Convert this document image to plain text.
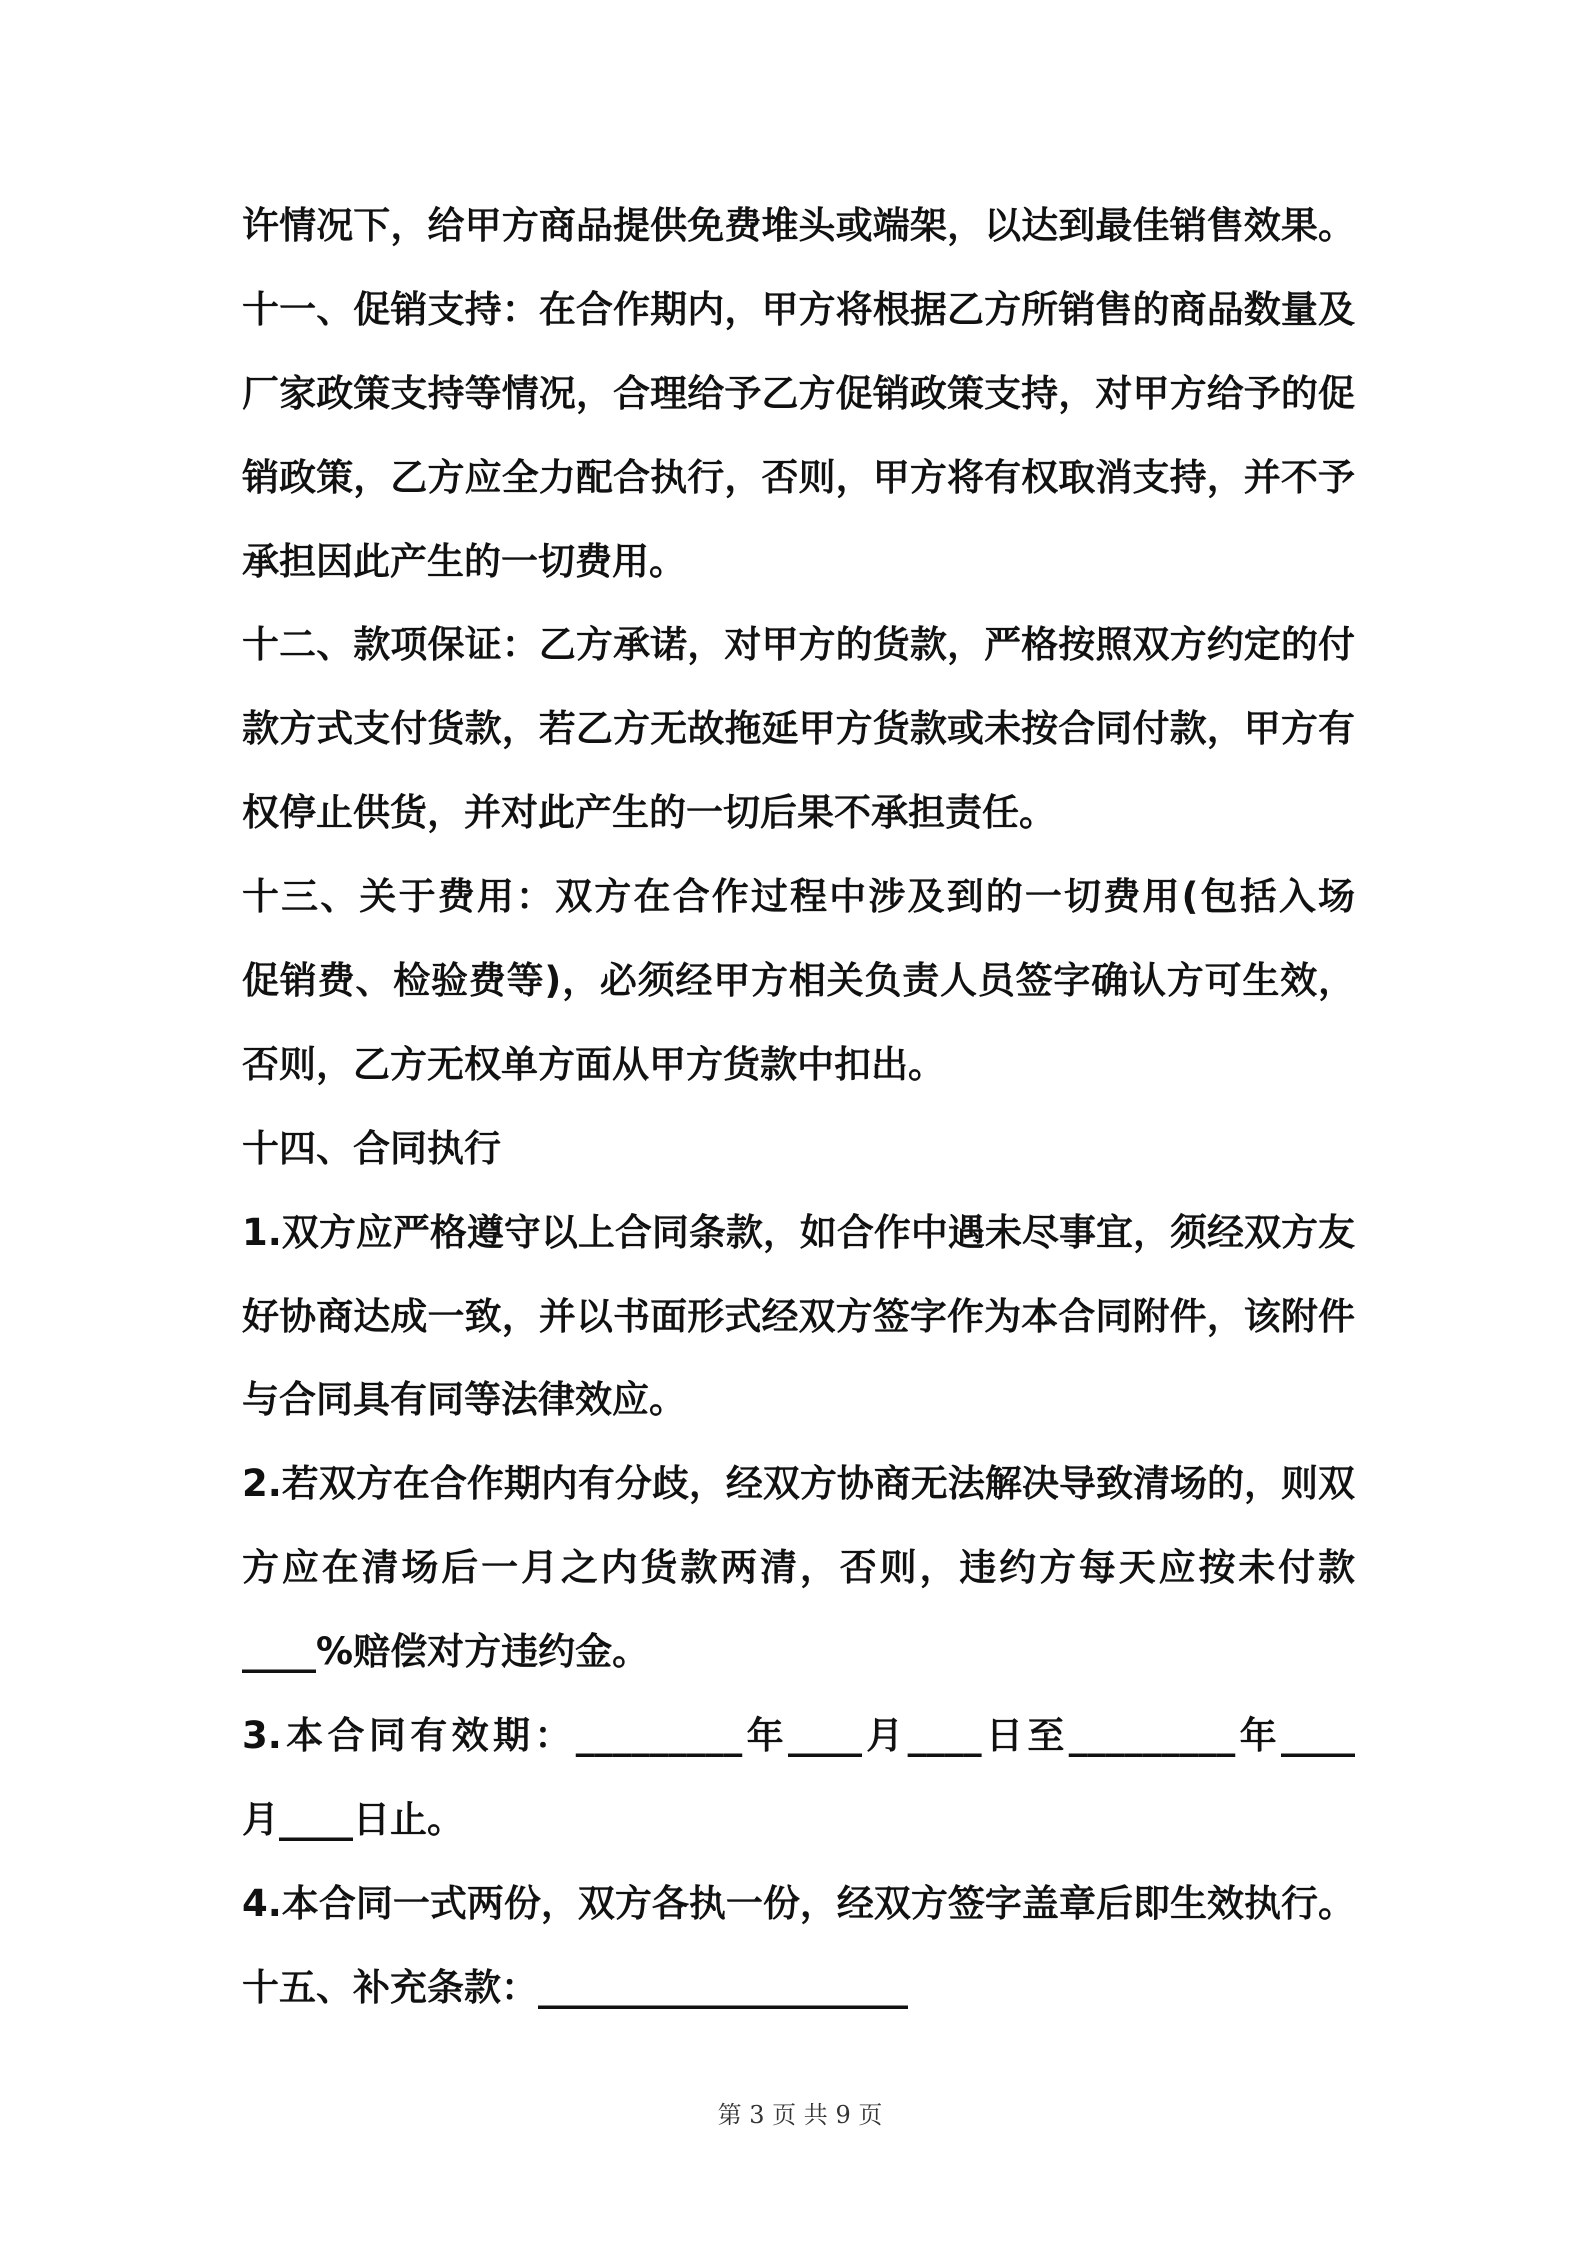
许情况下，给甲方商品提供免费堆头或端架，以达到最佳销售效果。
十一、促销支持：在合作期内，甲方将根据乙方所销售的商品数量及
厂家政策支持等情况，合理给予乙方促销政策支持，对甲方给予的促
销政策，乙方应全力配合执行，否则，甲方将有权取消支持，并不予
承担因此产生的一切费用。
十二、款项保证：乙方承诺，对甲方的货款，严格按照双方约定的付
款方式支付货款，若乙方无故拖延甲方货款或未按合同付款，甲方有
权停止供货，并对此产生的一切后果不承担责任。
十三、关于费用：双方在合作过程中涉及到的一切费用(包括入场
促销费、检验费等)，必须经甲方相关负责人员签字确认方可生效，
否则，乙方无权单方面从甲方货款中扣出。
十四、合同执行
1.双方应严格遵守以上合同条款，如合作中遇未尽事宜，须经双方友
好协商达成一致，并以书面形式经双方签字作为本合同附件，该附件
与合同具有同等法律效应。
2.若双方在合作期内有分歧，经双方协商无法解决导致清场的，则双
方应在清场后一月之内货款两清，否则，违约方每天应按未付款
____%赔偿对方违约金。
3.本合同有效期：_________年____月____日至_________年____
月____日止。
4.本合同一式两份，双方各执一份，经双方签字盖章后即生效执行。
十五、补充条款：____________________
第 3 页 共 9 页
